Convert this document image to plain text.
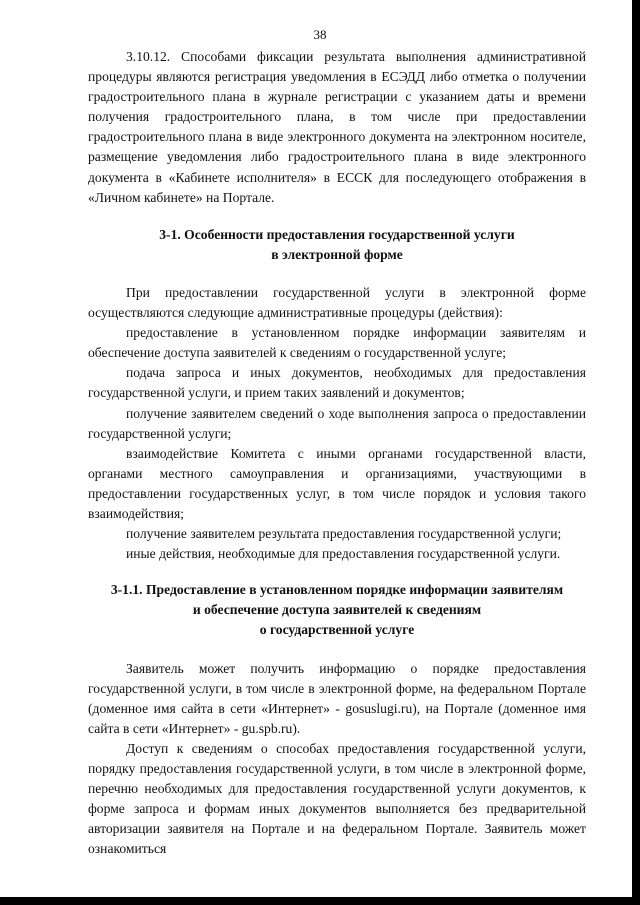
38

3.10.12. Способами фиксации результата выполнения административной процедуры являются регистрация уведомления в ЕСЭДД либо отметка о получении градостроительного плана в журнале регистрации с указанием даты и времени получения градостроительного плана, в том числе при предоставлении градостроительного плана в виде электронного документа на электронном носителе, размещение уведомления либо градостроительного плана в виде электронного документа в «Кабинете исполнителя» в ЕССК для последующего отображения в «Личном кабинете» на Портале.

3-1. Особенности предоставления государственной услуги
в электронной форме

При предоставлении государственной услуги в электронной форме осуществляются следующие административные процедуры (действия):

предоставление в установленном порядке информации заявителям и обеспечение доступа заявителей к сведениям о государственной услуге;

подача запроса и иных документов, необходимых для предоставления государственной услуги, и прием таких заявлений и документов;

получение заявителем сведений о ходе выполнения запроса о предоставлении государственной услуги;

взаимодействие Комитета с иными органами государственной власти, органами местного самоуправления и организациями, участвующими в предоставлении государственных услуг, в том числе порядок и условия такого взаимодействия;

получение заявителем результата предоставления государственной услуги;

иные действия, необходимые для предоставления государственной услуги.

3-1.1. Предоставление в установленном порядке информации заявителям
и обеспечение доступа заявителей к сведениям
о государственной услуге

Заявитель может получить информацию о порядке предоставления государственной услуги, в том числе в электронной форме, на федеральном Портале (доменное имя сайта в сети «Интернет» - gosuslugi.ru), на Портале (доменное имя сайта в сети «Интернет» - gu.spb.ru).

Доступ к сведениям о способах предоставления государственной услуги, порядку предоставления государственной услуги, в том числе в электронной форме, перечню необходимых для предоставления государственной услуги документов, к форме запроса и формам иных документов выполняется без предварительной авторизации заявителя на Портале и на федеральном Портале. Заявитель может ознакомиться
